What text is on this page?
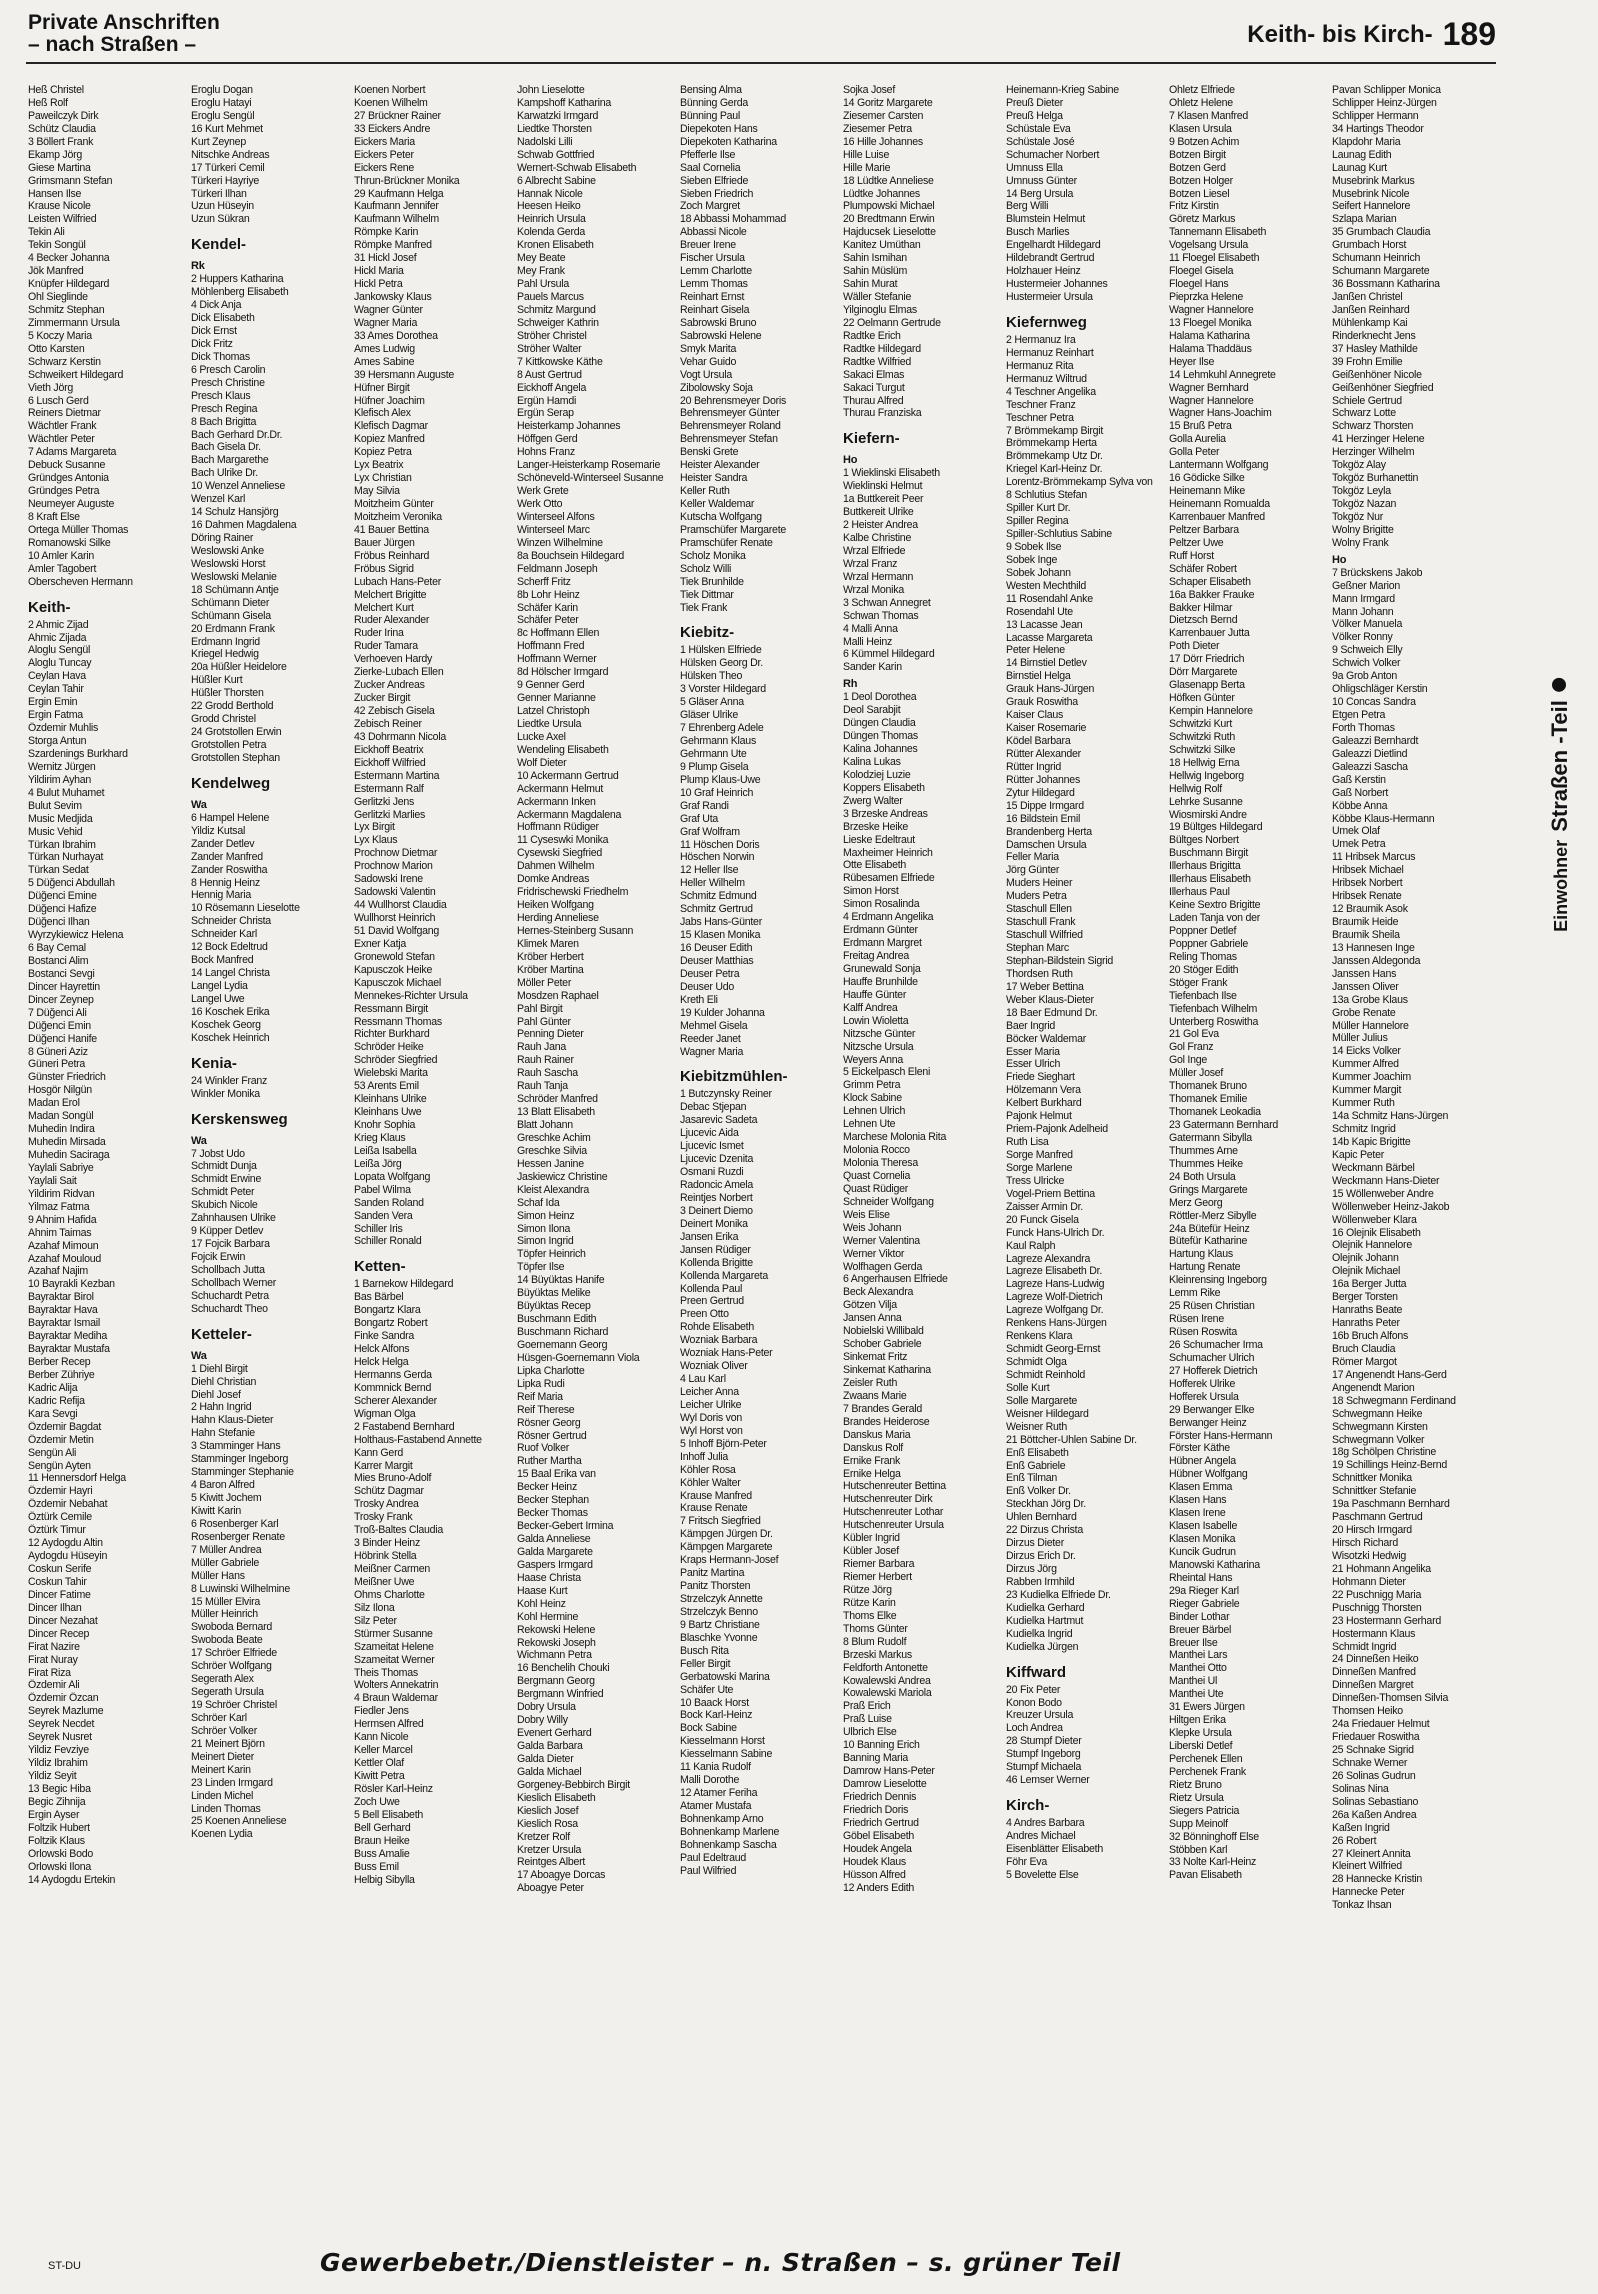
Private Anschriften
– nach Straßen –	Keith- bis Kirch- 189
Heß Christel
Heß Rolf
Paweilczyk Dirk
Schütz Claudia
3 Böllert Frank
Ekamp Jörg
Giese Martina
Grimsmann Stefan
Hansen Ilse
Krause Nicole
Leisten Wilfried
Tekin Ali
Tekin Songül
4 Becker Johanna
Jök Manfred
Knüpfer Hildegard
Ohl Sieglinde
Schmitz Stephan
Zimmermann Ursula
5 Koczy Maria
Otto Karsten
Schwarz Kerstin
Schweikert Hildegard
Vieth Jörg
6 Lusch Gerd
Reiners Dietmar
Wächtler Frank
Wächtler Peter
7 Adams Margareta
Debuck Susanne
Gründges Antonia
Gründges Petra
Neumeyer Auguste
8 Kraft Else
Ortega Müller Thomas
Romanowski Silke
10 Amler Karin
Amler Tagobert
Oberscheven Hermann
Keith-
2 Ahmic Zijad
Ahmic Zijada
Aloglu Sengül
Aloglu Tuncay
Ceylan Hava
Ceylan Tahir
Ergin Emin
Ergin Fatma
Özdemir Muhlis
Storga Antun
Szardenings Burkhard
Wernitz Jürgen
Yildirim Ayhan
4 Bulut Muhamet
Bulut Sevim
Music Medjida
Music Vehid
Türkan Ibrahim
Türkan Nurhayat
Türkan Sedat
5 Düğenci Abdullah
Düğenci Emine
Düğenci Hafize
Düğenci Ilhan
Wyrzykiewicz Helena
6 Bay Cemal
Bostanci Alim
Bostanci Sevgi
Dincer Hayrettin
Dincer Zeynep
7 Düğenci Ali
Düğenci Emin
Düğenci Hanife
8 Güneri Aziz
Güneri Petra
Günster Friedrich
Hosgör Nilgün
Madan Erol
Madan Songül
Muhedin Indira
Muhedin Mirsada
Muhedin Saciraga
Yaylali Sabriye
Yaylali Sait
Yildirim Ridvan
Yilmaz Fatma
9 Ahnim Hafida
Ahnim Taimas
Azahaf Mimoun
Azahaf Mouloud
Azahaf Najim
10 Bayrakli Kezban
Bayraktar Birol
Bayraktar Hava
Bayraktar Ismail
Bayraktar Mediha
Bayraktar Mustafa
Berber Recep
Berber Zühriye
Kadric Alija
Kadric Refija
Kara Sevgi
Özdemir Bagdat
Özdemir Metin
Sengün Ali
Sengün Ayten
11 Hennersdorf Helga
Özdemir Hayri
Özdemir Nebahat
Öztürk Cemile
Öztürk Timur
12 Aydogdu Altin
Aydogdu Hüseyin
Coskun Serife
Coskun Tahir
Dincer Fatime
Dincer Ilhan
Dincer Nezahat
Dincer Recep
Firat Nazire
Firat Nuray
Firat Riza
Özdemir Ali
Özdemir Özcan
Seyrek Mazlume
Seyrek Necdet
Seyrek Nusret
Yildiz Fevziye
Yildiz Ibrahim
Yildiz Seyit
13 Begic Hiba
Begic Zihnija
Ergin Ayser
Foltzik Hubert
Foltzik Klaus
Orlowski Bodo
Orlowski Ilona
14 Aydogdu Ertekin
Eroglu Dogan
Eroglu Hatayi
Eroglu Sengül
16 Kurt Mehmet
Kurt Zeynep
Nitschke Andreas
17 Türkeri Cemil
Türkeri Hayriye
Türkeri Ilhan
Uzun Hüseyin
Uzun Sükran
Kendel-
Rk
2 Huppers Katharina
Möhlenberg Elisabeth
4 Dick Anja
Dick Elisabeth
Dick Ernst
Dick Fritz
Dick Thomas
6 Presch Carolin
Presch Christine
Presch Klaus
Presch Regina
8 Bach Brigitta
Bach Gerhard Dr.Dr.
Bach Gisela Dr.
Bach Margarethe
Bach Ulrike Dr.
10 Wenzel Anneliese
Wenzel Karl
14 Schulz Hansjörg
16 Dahmen Magdalena
Döring Rainer
Weslowski Anke
Weslowski Horst
Weslowski Melanie
18 Schümann Antje
Schümann Dieter
Schümann Gisela
20 Erdmann Frank
Erdmann Ingrid
Kriegel Hedwig
20a Hüßler Heidelore
Hüßler Kurt
Hüßler Thorsten
22 Grodd Berthold
Grodd Christel
24 Grotstollen Erwin
Grotstollen Petra
Grotstollen Stephan
Kendelweg
Wa
6 Hampel Helene
Yildiz Kutsal
Zander Detlev
Zander Manfred
Zander Roswitha
8 Hennig Heinz
Hennig Maria
10 Rösemann Lieselotte
Schneider Christa
Schneider Karl
12 Bock Edeltrud
Bock Manfred
14 Langel Christa
Langel Lydia
Langel Uwe
16 Koschek Erika
Koschek Georg
Koschek Heinrich
Kenia-
24 Winkler Franz
Winkler Monika
Kerskensweg
Wa
7 Jobst Udo
Schmidt Dunja
Schmidt Erwine
Schmidt Peter
Skubich Nicole
Zahnhausen Ulrike
9 Küpper Detlev
17 Fojcik Barbara
Fojcik Erwin
Schollbach Jutta
Schollbach Werner
Schuchardt Petra
Schuchardt Theo
Ketteler-
Wa
1 Diehl Birgit
Diehl Christian
Diehl Josef
2 Hahn Ingrid
Hahn Klaus-Dieter
Hahn Stefanie
3 Stamminger Hans
Stamminger Ingeborg
Stamminger Stephanie
4 Baron Alfred
5 Kiwitt Jochem
Kiwitt Karin
6 Rosenberger Karl
Rosenberger Renate
7 Müller Andrea
Müller Gabriele
Müller Hans
8 Luwinski Wilhelmine
15 Müller Elvira
Müller Heinrich
Swoboda Bernard
Swoboda Beate
17 Schröer Elfriede
Schröer Wolfgang
Segerath Alex
Segerath Ursula
19 Schröer Christel
Schröer Karl
Schröer Volker
21 Meinert Björn
Meinert Dieter
Meinert Karin
23 Linden Irmgard
Linden Michel
Linden Thomas
25 Koenen Anneliese
Koenen Lydia
Koenen Norbert
Koenen Wilhelm
27 Brückner Rainer
33 Eickers Andre
Eickers Maria
Eickers Peter
Eickers Rene
Thrun-Brückner Monika
29 Kaufmann Helga
Kaufmann Jennifer
Kaufmann Wilhelm
Römpke Karin
Römpke Manfred
31 Hickl Josef
Hickl Maria
Hickl Petra
Jankowsky Klaus
Wagner Günter
Wagner Maria
33 Ames Dorothea
Ames Ludwig
Ames Sabine
39 Hersmann Auguste
Hüfner Birgit
Hüfner Joachim
Klefisch Alex
Klefisch Dagmar
Kopiez Manfred
Kopiez Petra
Lyx Beatrix
Lyx Christian
May Silvia
Moitzheim Günter
Moitzheim Veronika
41 Bauer Bettina
Bauer Jürgen
Fröbus Reinhard
Fröbus Sigrid
Lubach Hans-Peter
Melchert Brigitte
Melchert Kurt
Ruder Alexander
Ruder Irina
Ruder Tamara
Verhoeven Hardy
Zierke-Lubach Ellen
Zucker Andreas
Zucker Birgit
42 Zebisch Gisela
Zebisch Reiner
43 Dohrmann Nicola
Eickhoff Beatrix
Eickhoff Wilfried
Estermann Martina
Estermann Ralf
Gerlitzki Jens
Gerlitzki Marlies
Lyx Birgit
Lyx Klaus
Prochnow Dietmar
Prochnow Marion
Sadowski Irene
Sadowski Valentin
44 Wullhorst Claudia
Wullhorst Heinrich
51 David Wolfgang
Exner Katja
Gronewold Stefan
Kapusczok Heike
Kapusczok Michael
Mennekes-Richter Ursula
Ressmann Birgit
Ressmann Thomas
Richter Burkhard
Schröder Heike
Schröder Siegfried
Wielebski Marita
53 Arents Emil
Kleinhans Ulrike
Kleinhans Uwe
Knohr Sophia
Krieg Klaus
Leißa Isabella
Leißa Jörg
Lopata Wolfgang
Pabel Wilma
Sanden Roland
Sanden Vera
Schiller Iris
Schiller Ronald
Ketten-
1 Barnekow Hildegard
Bas Bärbel
Bongartz Klara
Bongartz Robert
Finke Sandra
Helck Alfons
Helck Helga
Hermanns Gerda
Kommnick Bernd
Scherer Alexander
Wigman Olga
2 Fastabend Bernhard
Holthaus-Fastabend Annette
Kann Gerd
Karrer Margit
Mies Bruno-Adolf
Schütz Dagmar
Trosky Andrea
Trosky Frank
Troß-Baltes Claudia
3 Binder Heinz
Höbrink Stella
Meißner Carmen
Meißner Uwe
Ohms Charlotte
Silz Ilona
Silz Peter
Stürmer Susanne
Szameitat Helene
Szameitat Werner
Theis Thomas
Wolters Annekatrin
4 Braun Waldemar
Fiedler Jens
Hermsen Alfred
Kann Nicole
Keller Marcel
Kettler Olaf
Kiwitt Petra
Rösler Karl-Heinz
Zoch Uwe
5 Bell Elisabeth
Bell Gerhard
Braun Heike
Buss Amalie
Buss Emil
Helbig Sibylla
John Lieselotte
Kampshoff Katharina
Karwatzki Irmgard
Liedtke Thorsten
Nadolski Lilli
Schwab Gottfried
Wernert-Schwab Elisabeth
6 Albrecht Sabine
Hannak Nicole
Heesen Heiko
Heinrich Ursula
Kolenda Gerda
Kronen Elisabeth
Mey Beate
Mey Frank
Pahl Ursula
Pauels Marcus
Schmitz Margund
Schweiger Kathrin
Ströher Christel
Ströher Walter
7 Kittkowske Käthe
8 Aust Gertrud
Eickhoff Angela
Ergün Hamdi
Ergün Serap
Heisterkamp Johannes
Höffgen Gerd
Hohns Franz
Langer-Heisterkamp Rosemarie
Schöneveld-Winterseel Susanne
Werk Grete
Werk Otto
Winterseel Alfons
Winterseel Marc
Winzen Wilhelmine
8a Bouchsein Hildegard
Feldmann Joseph
Scherff Fritz
8b Lohr Heinz
Schäfer Karin
Schäfer Peter
8c Hoffmann Ellen
Hoffmann Fred
Hoffmann Werner
8d Hölscher Irmgard
9 Genner Gerd
Genner Marianne
Latzel Christoph
Liedtke Ursula
Lucke Axel
Wendeling Elisabeth
Wolf Dieter
10 Ackermann Gertrud
Ackermann Helmut
Ackermann Inken
Ackermann Magdalena
Hoffmann Rüdiger
11 Cyseswki Monika
Cysewski Siegfried
Dahmen Wilhelm
Domke Andreas
Fridrischewski Friedhelm
Heiken Wolfgang
Herding Anneliese
Hernes-Steinberg Susann
Klimek Maren
Kröber Herbert
Kröber Martina
Möller Peter
Mosdzen Raphael
Pahl Birgit
Pahl Günter
Penning Dieter
Rauh Jana
Rauh Rainer
Rauh Sascha
Rauh Tanja
Schröder Manfred
13 Blatt Elisabeth
Blatt Johann
Greschke Achim
Greschke Silvia
Hessen Janine
Jaskiewicz Christine
Kleist Alexandra
Schaf Ida
Simon Heinz
Simon Ilona
Simon Ingrid
Töpfer Heinrich
Töpfer Ilse
14 Büyüktas Hanife
Büyüktas Melike
Büyüktas Recep
Buschmann Edith
Buschmann Richard
Goernemann Georg
Hüsgen-Goernemann Viola
Lipka Charlotte
Lipka Rudi
Reif Maria
Reif Therese
Rösner Georg
Rösner Gertrud
Ruof Volker
Ruther Martha
15 Baal Erika van
Becker Heinz
Becker Stephan
Becker Thomas
Becker-Gebert Irmina
Galda Anneliese
Galda Margarete
Gaspers Irmgard
Haase Christa
Haase Kurt
Kohl Heinz
Kohl Hermine
Rekowski Helene
Rekowski Joseph
Wichmann Petra
16 Benchelih Chouki
Bergmann Georg
Bergmann Winfried
Dobry Ursula
Dobry Willy
Evenert Gerhard
Galda Barbara
Galda Dieter
Galda Michael
Gorgeney-Bebbirch Birgit
Kieslich Elisabeth
Kieslich Josef
Kieslich Rosa
Kretzer Rolf
Kretzer Ursula
Reintges Albert
17 Aboagye Dorcas
Aboagye Peter
Bensing Alma
Bünning Gerda
Bünning Paul
Diepekoten Hans
Diepekoten Katharina
Pfefferle Ilse
Saal Cornelia
Sieben Elfriede
Sieben Friedrich
Zoch Margret
18 Abbassi Mohammad
Abbassi Nicole
Breuer Irene
Fischer Ursula
Lemm Charlotte
Lemm Thomas
Reinhart Ernst
Reinhart Gisela
Sabrowski Bruno
Sabrowski Helene
Smyk Marita
Vehar Guido
Vogt Ursula
Zibolowsky Soja
20 Behrensmeyer Doris
Behrensmeyer Günter
Behrensmeyer Roland
Behrensmeyer Stefan
Benski Grete
Heister Alexander
Heister Sandra
Keller Ruth
Keller Waldemar
Kutscha Wolfgang
Pramschüfer Margarete
Pramschüfer Renate
Scholz Monika
Scholz Willi
Tiek Brunhilde
Tiek Dittmar
Tiek Frank
Kiebitz-
1 Hülsken Elfriede
Hülsken Georg Dr.
Hülsken Theo
3 Vorster Hildegard
5 Gläser Anna
Gläser Ulrike
7 Ehrenberg Adele
Gehrmann Klaus
Gehrmann Ute
9 Plump Gisela
Plump Klaus-Uwe
10 Graf Heinrich
Graf Randi
Graf Uta
Graf Wolfram
11 Höschen Doris
Höschen Norwin
12 Heller Ilse
Heller Wilhelm
Schmitz Edmund
Schmitz Gertrud
Jabs Hans-Günter
15 Klasen Monika
16 Deuser Edith
Deuser Matthias
Deuser Petra
Deuser Udo
Kreth Eli
19 Kulder Johanna
Mehmel Gisela
Reeder Janet
Wagner Maria
Kiebitzmühlen-
1 Butczynsky Reiner
Debac Stjepan
Jasarevic Sadeta
Ljucevic Aida
Ljucevic Ismet
Ljucevic Dzenita
Osmani Ruzdi
Radoncic Amela
Reintjes Norbert
3 Deinert Diemo
Deinert Monika
Jansen Erika
Jansen Rüdiger
Kollenda Brigitte
Kollenda Margareta
Kollenda Paul
Preen Gertrud
Preen Otto
Rohde Elisabeth
Wozniak Barbara
Wozniak Hans-Peter
Wozniak Oliver
4 Lau Karl
Leicher Anna
Leicher Ulrike
Wyl Doris von
Wyl Horst von
5 Inhoff Björn-Peter
Inhoff Julia
Köhler Rosa
Köhler Walter
Krause Manfred
Krause Renate
7 Fritsch Siegfried
Kämpgen Jürgen Dr.
Kämpgen Margarete
Kraps Hermann-Josef
Panitz Martina
Panitz Thorsten
Strzelczyk Annette
Strzelczyk Benno
9 Bartz Christiane
Blaschke Yvonne
Busch Rita
Feller Birgit
Gerbatowski Marina
Schäfer Ute
10 Baack Horst
Bock Karl-Heinz
Bock Sabine
Kiesselmann Horst
Kiesselmann Sabine
11 Kania Rudolf
Malli Dorothe
12 Atamer Feriha
Atamer Mustafa
Bohnenkamp Arno
Bohnenkamp Marlene
Bohnenkamp Sascha
Paul Edeltraud
Paul Wilfried
Sojka Josef
14 Goritz Margarete
Ziesemer Carsten
Ziesemer Petra
16 Hille Johannes
Hille Luise
Hille Marie
18 Lüdtke Anneliese
Lüdtke Johannes
Plumpowski Michael
20 Bredtmann Erwin
Hajducsek Lieselotte
Kanitez Umüthan
Sahin Ismihan
Sahin Müslüm
Sahin Murat
Wäller Stefanie
Yilginoglu Elmas
22 Oelmann Gertrude
Radtke Erich
Radtke Hildegard
Radtke Wilfried
Sakaci Elmas
Sakaci Turgut
Thurau Alfred
Thurau Franziska
Kiefern-
Ho
1 Wieklinski Elisabeth
Wieklinski Helmut
1a Buttkereit Peer
Buttkereit Ulrike
2 Heister Andrea
Kalbe Christine
Wrzal Elfriede
Wrzal Franz
Wrzal Hermann
Wrzal Monika
3 Schwan Annegret
Schwan Thomas
4 Malli Anna
Malli Heinz
6 Kümmel Hildegard
Sander Karin
Rh
1 Deol Dorothea
Deol Sarabjit
Düngen Claudia
Düngen Thomas
Kalina Johannes
Kalina Lukas
Kolodziej Luzie
Koppers Elisabeth
Zwerg Walter
3 Brzeske Andreas
Brzeske Heike
Lieske Edeltraut
Maxheimer Heinrich
Otte Elisabeth
Rübesamen Elfriede
Simon Horst
Simon Rosalinda
4 Erdmann Angelika
Erdmann Günter
Erdmann Margret
Freitag Andrea
Grunewald Sonja
Hauffe Brunhilde
Hauffe Günter
Kalff Andrea
Lowin Wioletta
Nitzsche Günter
Nitzsche Ursula
Weyers Anna
5 Eickelpasch Eleni
Grimm Petra
Klock Sabine
Lehnen Ulrich
Lehnen Ute
Marchese Molonia Rita
Molonia Rocco
Molonia Theresa
Quast Cornelia
Quast Rüdiger
Schneider Wolfgang
Weis Elise
Weis Johann
Werner Valentina
Werner Viktor
Wolfhagen Gerda
6 Angerhausen Elfriede
Beck Alexandra
Götzen Vilja
Jansen Anna
Nobielski Willibald
Schober Gabriele
Sinkemat Fritz
Sinkemat Katharina
Zeisler Ruth
Zwaans Marie
7 Brandes Gerald
Brandes Heiderose
Danskus Maria
Danskus Rolf
Ernike Frank
Ernike Helga
Hutschenreuter Bettina
Hutschenreuter Dirk
Hutschenreuter Lothar
Hutschenreuter Ursula
Kübler Ingrid
Kübler Josef
Riemer Barbara
Riemer Herbert
Rütze Jörg
Rütze Karin
Thoms Elke
Thoms Günter
8 Blum Rudolf
Brzeski Markus
Feldforth Antonette
Kowalewski Andrea
Kowalewski Mariola
Praß Erich
Praß Luise
Ulbrich Else
10 Banning Erich
Banning Maria
Damrow Hans-Peter
Damrow Lieselotte
Friedrich Dennis
Friedrich Doris
Friedrich Gertrud
Göbel Elisabeth
Houdek Angela
Houdek Klaus
Hüsson Alfred
12 Anders Edith
Heinemann-Krieg Sabine
Preuß Dieter
Preuß Helga
Schüstale Eva
Schüstale José
Schumacher Norbert
Umnuss Ella
Umnuss Günter
14 Berg Ursula
Berg Willi
Blumstein Helmut
Busch Marlies
Engelhardt Hildegard
Hildebrandt Gertrud
Holzhauer Heinz
Hustermeier Johannes
Hustermeier Ursula
Kiefernweg
2 Hermanuz Ira
Hermanuz Reinhart
Hermanuz Rita
Hermanuz Wiltrud
4 Teschner Angelika
Teschner Franz
Teschner Petra
7 Brömmekamp Birgit
Brömmekamp Herta
Brömmekamp Utz Dr.
Kriegel Karl-Heinz Dr.
Lorentz-Brömmekamp Sylva von
8 Schlutius Stefan
Spiller Kurt Dr.
Spiller Regina
Spiller-Schlutius Sabine
9 Sobek Ilse
Sobek Inge
Sobek Johann
Westen Mechthild
11 Rosendahl Anke
Rosendahl Ute
13 Lacasse Jean
Lacasse Margareta
Peter Helene
14 Birnstiel Detlev
Birnstiel Helga
Grauk Hans-Jürgen
Grauk Roswitha
Kaiser Claus
Kaiser Rosemarie
Ködel Barbara
Rütter Alexander
Rütter Ingrid
Rütter Johannes
Zytur Hildegard
15 Dippe Irmgard
16 Bildstein Emil
Brandenberg Herta
Damschen Ursula
Feller Maria
Jörg Günter
Muders Heiner
Muders Petra
Staschull Ellen
Staschull Frank
Staschull Wilfried
Stephan Marc
Stephan-Bildstein Sigrid
Thordsen Ruth
17 Weber Bettina
Weber Klaus-Dieter
18 Baer Edmund Dr.
Baer Ingrid
Böcker Waldemar
Esser Maria
Esser Ulrich
Friede Sieghart
Hölzemann Vera
Kelbert Burkhard
Pajonk Helmut
Priem-Pajonk Adelheid
Ruth Lisa
Sorge Manfred
Sorge Marlene
Tress Ulricke
Vogel-Priem Bettina
Zaisser Armin Dr.
20 Funck Gisela
Funck Hans-Ulrich Dr.
Kaul Ralph
Lagreze Alexandra
Lagreze Elisabeth Dr.
Lagreze Hans-Ludwig
Lagreze Wolf-Dietrich
Lagreze Wolfgang Dr.
Renkens Hans-Jürgen
Renkens Klara
Schmidt Georg-Ernst
Schmidt Olga
Schmidt Reinhold
Solle Kurt
Solle Margarete
Weisner Hildegard
Weisner Ruth
21 Böttcher-Uhlen Sabine Dr.
Enß Elisabeth
Enß Gabriele
Enß Tilman
Enß Volker Dr.
Steckhan Jörg Dr.
Uhlen Bernhard
22 Dirzus Christa
Dirzus Dieter
Dirzus Erich Dr.
Dirzus Jörg
Rabben Irmhild
23 Kudielka Elfriede Dr.
Kudielka Gerhard
Kudielka Hartmut
Kudielka Ingrid
Kudielka Jürgen
Kiffward
20 Fix Peter
Konon Bodo
Kreuzer Ursula
Loch Andrea
28 Stumpf Dieter
Stumpf Ingeborg
Stumpf Michaela
46 Lemser Werner
Kirch-
4 Andres Barbara
Andres Michael
Eisenblätter Elisabeth
Föhr Eva
5 Bovelette Else
Ohletz Elfriede
Ohletz Helene
7 Klasen Manfred
Klasen Ursula
9 Botzen Achim
Botzen Birgit
Botzen Gerd
Botzen Holger
Botzen Liesel
Fritz Kirstin
Göretz Markus
Tannemann Elisabeth
Vogelsang Ursula
11 Floegel Elisabeth
Floegel Gisela
Floegel Hans
Pieprzka Helene
Wagner Hannelore
13 Floegel Monika
Halama Katharina
Halama Thaddäus
Heyer Ilse
14 Lehmkuhl Annegrete
Wagner Bernhard
Wagner Hannelore
Wagner Hans-Joachim
15 Bruß Petra
Golla Aurelia
Golla Peter
Lantermann Wolfgang
16 Gödicke Silke
Heinemann Mike
Heinemann Romualda
Karrenbauer Manfred
Peltzer Barbara
Peltzer Uwe
Ruff Horst
Schäfer Robert
Schaper Elisabeth
16a Bakker Frauke
Bakker Hilmar
Dietzsch Bernd
Karrenbauer Jutta
Poth Dieter
17 Dörr Friedrich
Dörr Margarete
Glasenapp Berta
Höfken Günter
Kempin Hannelore
Schwitzki Kurt
Schwitzki Ruth
Schwitzki Silke
18 Hellwig Erna
Hellwig Ingeborg
Hellwig Rolf
Lehrke Susanne
Wiosmirski Andre
19 Bültges Hildegard
Bültges Norbert
Buschmann Birgit
Illerhaus Brigitta
Illerhaus Elisabeth
Illerhaus Paul
Keine Sextro Brigitte
Laden Tanja von der
Poppner Detlef
Poppner Gabriele
Reling Thomas
20 Stöger Edith
Stöger Frank
Tiefenbach Ilse
Tiefenbach Wilhelm
Unterberg Roswitha
21 Gol Eva
Gol Franz
Gol Inge
Müller Josef
Thomanek Bruno
Thomanek Emilie
Thomanek Leokadia
23 Gatermann Bernhard
Gatermann Sibylla
Thummes Arne
Thummes Heike
24 Both Ursula
Grings Margarete
Merz Georg
Röttler-Merz Sibylle
24a Bütefür Heinz
Bütefür Katharine
Hartung Klaus
Hartung Renate
Kleinrensing Ingeborg
Lemm Rike
25 Rüsen Christian
Rüsen Irene
Rüsen Roswita
26 Schumacher Irma
Schumacher Ulrich
27 Hofferek Dietrich
Hofferek Ulrike
Hofferek Ursula
29 Berwanger Elke
Berwanger Heinz
Förster Hans-Hermann
Förster Käthe
Hübner Angela
Hübner Wolfgang
Klasen Emma
Klasen Hans
Klasen Irene
Klasen Isabelle
Klasen Monika
Kuncik Gudrun
Manowski Katharina
Rheintal Hans
29a Rieger Karl
Rieger Gabriele
Binder Lothar
Breuer Bärbel
Breuer Ilse
Manthei Lars
Manthei Otto
Manthei Ul
Manthei Ute
31 Ewers Jürgen
Hiltgen Erika
Klepke Ursula
Liberski Detlef
Perchenek Ellen
Perchenek Frank
Rietz Bruno
Rietz Ursula
Siegers Patricia
Supp Meinolf
32 Bönninghoff Else
Stöbben Karl
33 Nolte Karl-Heinz
Pavan Elisabeth
Pavan Schlipper Monica
Schlipper Heinz-Jürgen
Schlipper Hermann
34 Hartings Theodor
Klapdohr Maria
Launag Edith
Launag Kurt
Musebrink Markus
Musebrink Nicole
Seifert Hannelore
Szlapa Marian
35 Grumbach Claudia
Grumbach Horst
Schumann Heinrich
Schumann Margarete
36 Bossmann Katharina
Janßen Christel
Janßen Reinhard
Mühlenkamp Kai
Rinderknecht Jens
37 Hasley Mathilde
39 Frohn Emilie
Geißenhöner Nicole
Geißenhöner Siegfried
Schiele Gertrud
Schwarz Lotte
Schwarz Thorsten
41 Herzinger Helene
Herzinger Wilhelm
Tokgöz Alay
Tokgöz Burhanettin
Tokgöz Leyla
Tokgöz Nazan
Tokgöz Nur
Wolny Brigitte
Wolny Frank
Ho
7 Brückskens Jakob
Geßner Marion
Mann Irmgard
Mann Johann
Völker Manuela
Völker Ronny
9 Schweich Elly
Schwich Volker
9a Grob Anton
Ohligschläger Kerstin
10 Concas Sandra
Etgen Petra
Forth Thomas
Galeazzi Bernhardt
Galeazzi Dietlind
Galeazzi Sascha
Gaß Kerstin
Gaß Norbert
Köbbe Anna
Köbbe Klaus-Hermann
Umek Olaf
Umek Petra
11 Hribsek Marcus
Hribsek Michael
Hribsek Norbert
Hribsek Renate
12 Braumik Asok
Braumik Heide
Braumik Sheila
13 Hannesen Inge
Janssen Aldegonda
Janssen Hans
Janssen Oliver
13a Grobe Klaus
Grobe Renate
Müller Hannelore
Müller Julius
14 Eicks Volker
Kummer Alfred
Kummer Joachim
Kummer Margit
Kummer Ruth
14a Schmitz Hans-Jürgen
Schmitz Ingrid
14b Kapic Brigitte
Kapic Peter
Weckmann Bärbel
Weckmann Hans-Dieter
15 Wöllenweber Andre
Wöllenweber Heinz-Jakob
Wöllenweber Klara
16 Olejnik Elisabeth
Olejnik Hannelore
Olejnik Johann
Olejnik Michael
16a Berger Jutta
Berger Torsten
Hanraths Beate
Hanraths Peter
16b Bruch Alfons
Bruch Claudia
Römer Margot
17 Angenendt Hans-Gerd
Angenendt Marion
18 Schwegmann Ferdinand
Schwegmann Heike
Schwegmann Kirsten
Schwegmann Volker
18g Schölpen Christine
19 Schillings Heinz-Bernd
Schnittker Monika
Schnittker Stefanie
19a Paschmann Bernhard
Paschmann Gertrud
20 Hirsch Irmgard
Hirsch Richard
Wisotzki Hedwig
21 Hohmann Angelika
Hohmann Dieter
22 Puschnigg Maria
Puschnigg Thorsten
23 Hostermann Gerhard
Hostermann Klaus
Schmidt Ingrid
24 Dinneßen Heiko
Dinneßen Manfred
Dinneßen Margret
Dinneßen-Thomsen Silvia
Thomsen Heiko
24a Friedauer Helmut
Friedauer Roswitha
25 Schnake Sigrid
Schnake Werner
26 Solinas Gudrun
Solinas Nina
Solinas Sebastiano
26a Kaßen Andrea
Kaßen Ingrid
26 Robert
27 Kleinert Annita
Kleinert Wilfried
28 Hannecke Kristin
Hannecke Peter
Tonkaz Ihsan
EinwohnerStraßen -Teil
ST-DU	Gewerbebetr./Dienstleister – n. Straßen – s. grüner Teil
